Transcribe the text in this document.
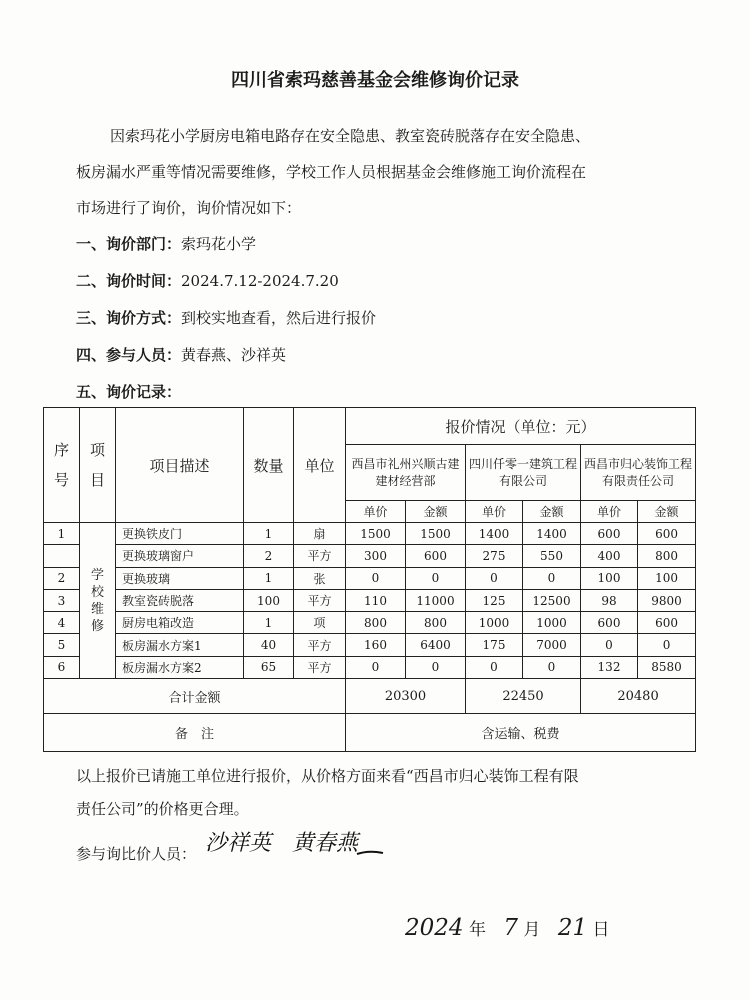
四川省索玛慈善基金会维修询价记录
因索玛花小学厨房电箱电路存在安全隐患、教室瓷砖脱落存在安全隐患、
板房漏水严重等情况需要维修，学校工作人员根据基金会维修施工询价流程在
市场进行了询价，询价情况如下：
一、询价部门：索玛花小学
二、询价时间：2024.7.12-2024.7.20
三、询价方式：到校实地查看，然后进行报价
四、参与人员：黄春燕、沙祥英
五、询价记录：
序
号	项
目	项目描述	数量	单位	报价情况（单位：元）					
					西昌市礼州兴顺古建建材经营部		四川仟零一建筑工程有限公司		西昌市归心装饰工程有限责任公司	
					单价	金额	单价	金额	单价	金额
1	学校维修	更换铁皮门	1	扇	1500	1500	1400	1400	600	600
		更换玻璃窗户	2	平方	300	600	275	550	400	800
2		更换玻璃	1	张	0	0	0	0	100	100
3		教室瓷砖脱落	100	平方	110	11000	125	12500	98	9800
4		厨房电箱改造	1	项	800	800	1000	1000	600	600
5		板房漏水方案1	40	平方	160	6400	175	7000	0	0
6		板房漏水方案2	65	平方	0	0	0	0	132	8580
合计金额					20300		22450		20480	
备　注					含运输、税费					
以上报价已请施工单位进行报价，从价格方面来看“西昌市归心装饰工程有限
责任公司”的价格更合理。
参与询比价人员： 沙祥英 黄春燕
2024 年 7 月 21 日
